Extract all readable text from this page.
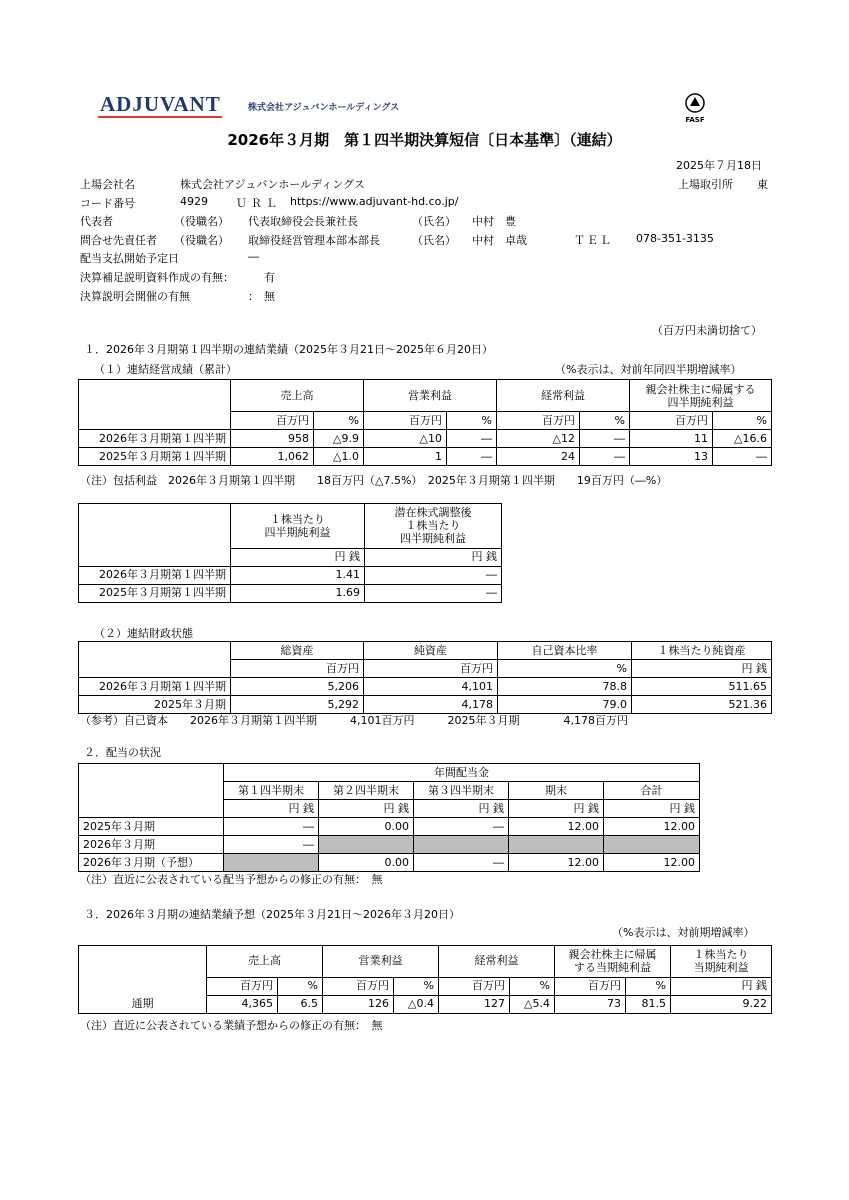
ADJUVANT	株式会社アジュバンホールディングス
FASF
2026年３月期　第１四半期決算短信〔日本基準〕（連結）
2025年７月18日
上場会社名	株式会社アジュバンホールディングス	上場取引所 東
コード番号	4929	ＵＲＬ https://www.adjuvant-hd.co.jp/
代表者	（役職名） 代表取締役会長兼社長	（氏名） 中村　豊
問合せ先責任者 （役職名） 取締役経営管理本部本部長	（氏名） 中村　卓哉	ＴＥＬ 078-351-3135
配当支払開始予定日	―
決算補足説明資料作成の有無：	有
決算説明会開催の有無	： 無
（百万円未満切捨て）
１．2026年３月期第１四半期の連結業績（2025年３月21日～2025年６月20日）
（１）連結経営成績（累計）	（%表示は、対前年同四半期増減率）
	売上高		営業利益		経常利益		親会社株主に帰属する
四半期純利益	
	百万円	%	百万円	%	百万円	%	百万円	%
2026年３月期第１四半期	958	△9.9	△10	―	△12	―	11	△16.6
2025年３月期第１四半期	1,062	△1.0	1	―	24	―	13	―
（注）包括利益　2026年３月期第１四半期　　18百万円（△7.5%）　2025年３月期第１四半期　　19百万円（―%）
	１株当たり
四半期純利益	潜在株式調整後
１株当たり
四半期純利益
	円 銭	円 銭
2026年３月期第１四半期	1.41	―
2025年３月期第１四半期	1.69	―
（２）連結財政状態
	総資産	純資産	自己資本比率	１株当たり純資産
	百万円	百万円	%	円 銭
2026年３月期第１四半期	5,206	4,101	78.8	511.65
2025年３月期	5,292	4,178	79.0	521.36
（参考）自己資本　　2026年３月期第１四半期　　　4,101百万円　　　2025年３月期　　　　4,178百万円
２．配当の状況
	年間配当金				
	第１四半期末	第２四半期末	第３四半期末	期末	合計
	円 銭	円 銭	円 銭	円 銭	円 銭
2025年３月期	―	0.00	―	12.00	12.00
2026年３月期	―				
2026年３月期（予想）		0.00	―	12.00	12.00
（注）直近に公表されている配当予想からの修正の有無：　無
３．2026年３月期の連結業績予想（2025年３月21日～2026年３月20日）
（%表示は、対前期増減率）
	売上高		営業利益		経常利益		親会社株主に帰属
する当期純利益		１株当たり
当期純利益
	百万円	%	百万円	%	百万円	%	百万円	%	円 銭
通期	4,365	6.5	126	△0.4	127	△5.4	73	81.5	9.22
（注）直近に公表されている業績予想からの修正の有無：　無
